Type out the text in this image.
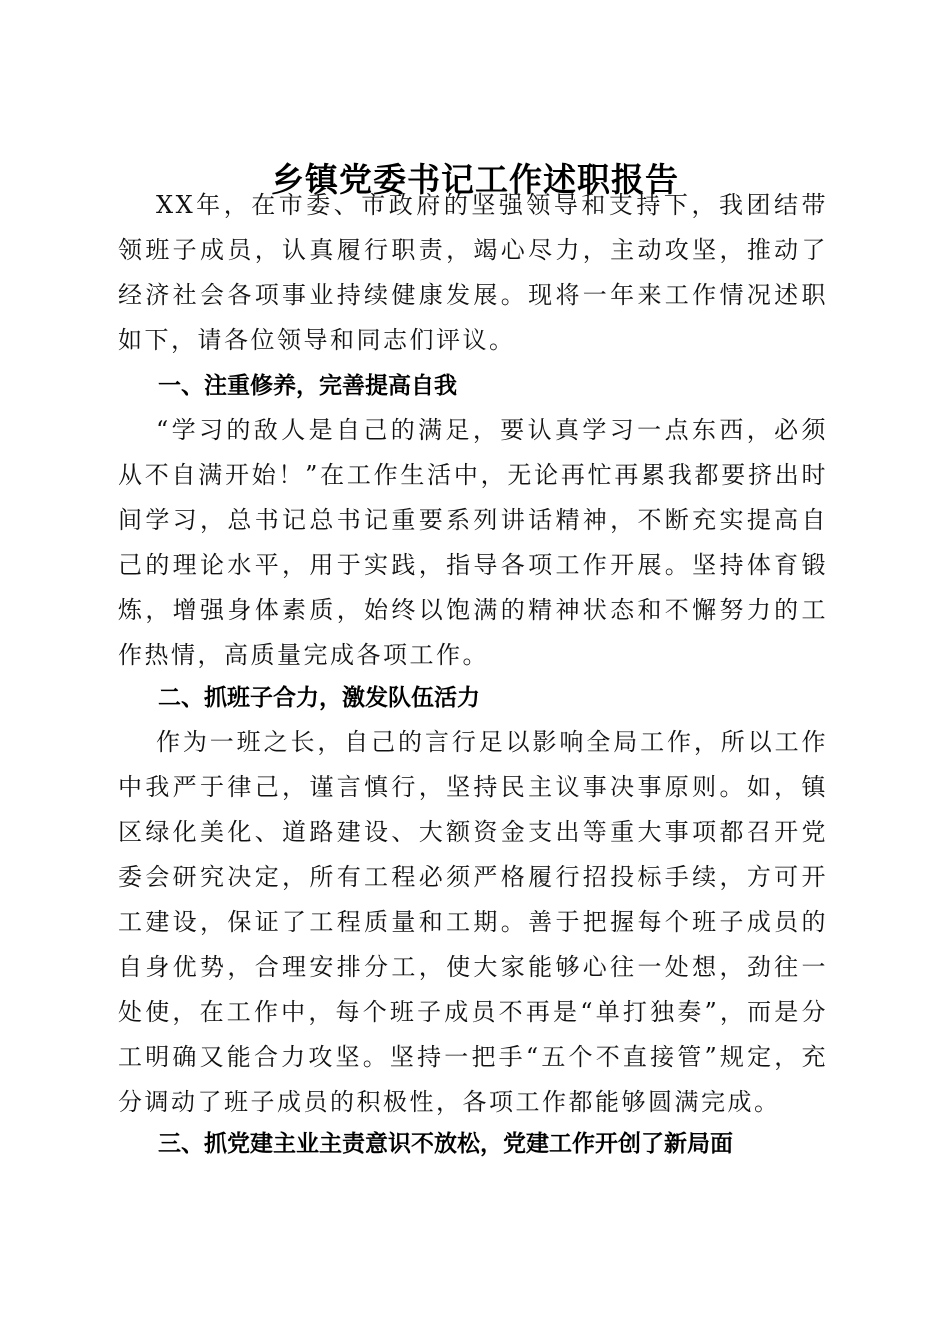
乡镇党委书记工作述职报告

XX年，在市委、市政府的坚强领导和支持下，我团结带领班子成员，认真履行职责，竭心尽力，主动攻坚，推动了经济社会各项事业持续健康发展。现将一年来工作情况述职如下，请各位领导和同志们评议。

一、注重修养，完善提高自我

“学习的敌人是自己的满足，要认真学习一点东西，必须从不自满开始！”在工作生活中，无论再忙再累我都要挤出时间学习，总书记总书记重要系列讲话精神，不断充实提高自己的理论水平，用于实践，指导各项工作开展。坚持体育锻炼，增强身体素质，始终以饱满的精神状态和不懈努力的工作热情，高质量完成各项工作。

二、抓班子合力，激发队伍活力

作为一班之长，自己的言行足以影响全局工作，所以工作中我严于律己，谨言慎行，坚持民主议事决事原则。如，镇区绿化美化、道路建设、大额资金支出等重大事项都召开党委会研究决定，所有工程必须严格履行招投标手续，方可开工建设，保证了工程质量和工期。善于把握每个班子成员的自身优势，合理安排分工，使大家能够心往一处想，劲往一处使，在工作中，每个班子成员不再是“单打独奏”，而是分工明确又能合力攻坚。坚持一把手“五个不直接管”规定，充分调动了班子成员的积极性，各项工作都能够圆满完成。

三、抓党建主业主责意识不放松，党建工作开创了新局面
